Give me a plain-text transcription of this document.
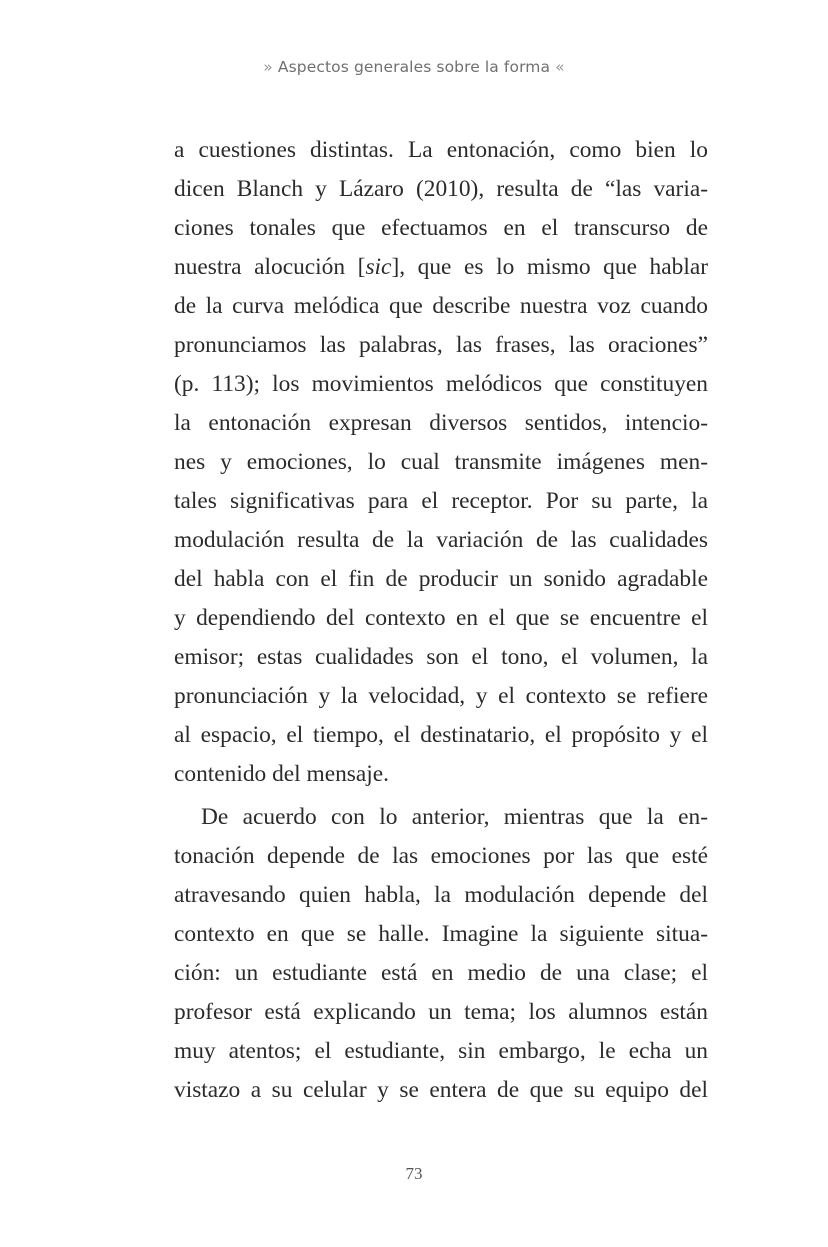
» Aspectos generales sobre la forma «
a cuestiones distintas. La entonación, como bien lo
dicen Blanch y Lázaro (2010), resulta de “las varia-
ciones tonales que efectuamos en el transcurso de
nuestra alocución [sic], que es lo mismo que hablar
de la curva melódica que describe nuestra voz cuando
pronunciamos las palabras, las frases, las oraciones”
(p. 113); los movimientos melódicos que constituyen
la entonación expresan diversos sentidos, intencio-
nes y emociones, lo cual transmite imágenes men-
tales significativas para el receptor. Por su parte, la
modulación resulta de la variación de las cualidades
del habla con el fin de producir un sonido agradable
y dependiendo del contexto en el que se encuentre el
emisor; estas cualidades son el tono, el volumen, la
pronunciación y la velocidad, y el contexto se refiere
al espacio, el tiempo, el destinatario, el propósito y el
contenido del mensaje.
De acuerdo con lo anterior, mientras que la en-
tonación depende de las emociones por las que esté
atravesando quien habla, la modulación depende del
contexto en que se halle. Imagine la siguiente situa-
ción: un estudiante está en medio de una clase; el
profesor está explicando un tema; los alumnos están
muy atentos; el estudiante, sin embargo, le echa un
vistazo a su celular y se entera de que su equipo del
73
